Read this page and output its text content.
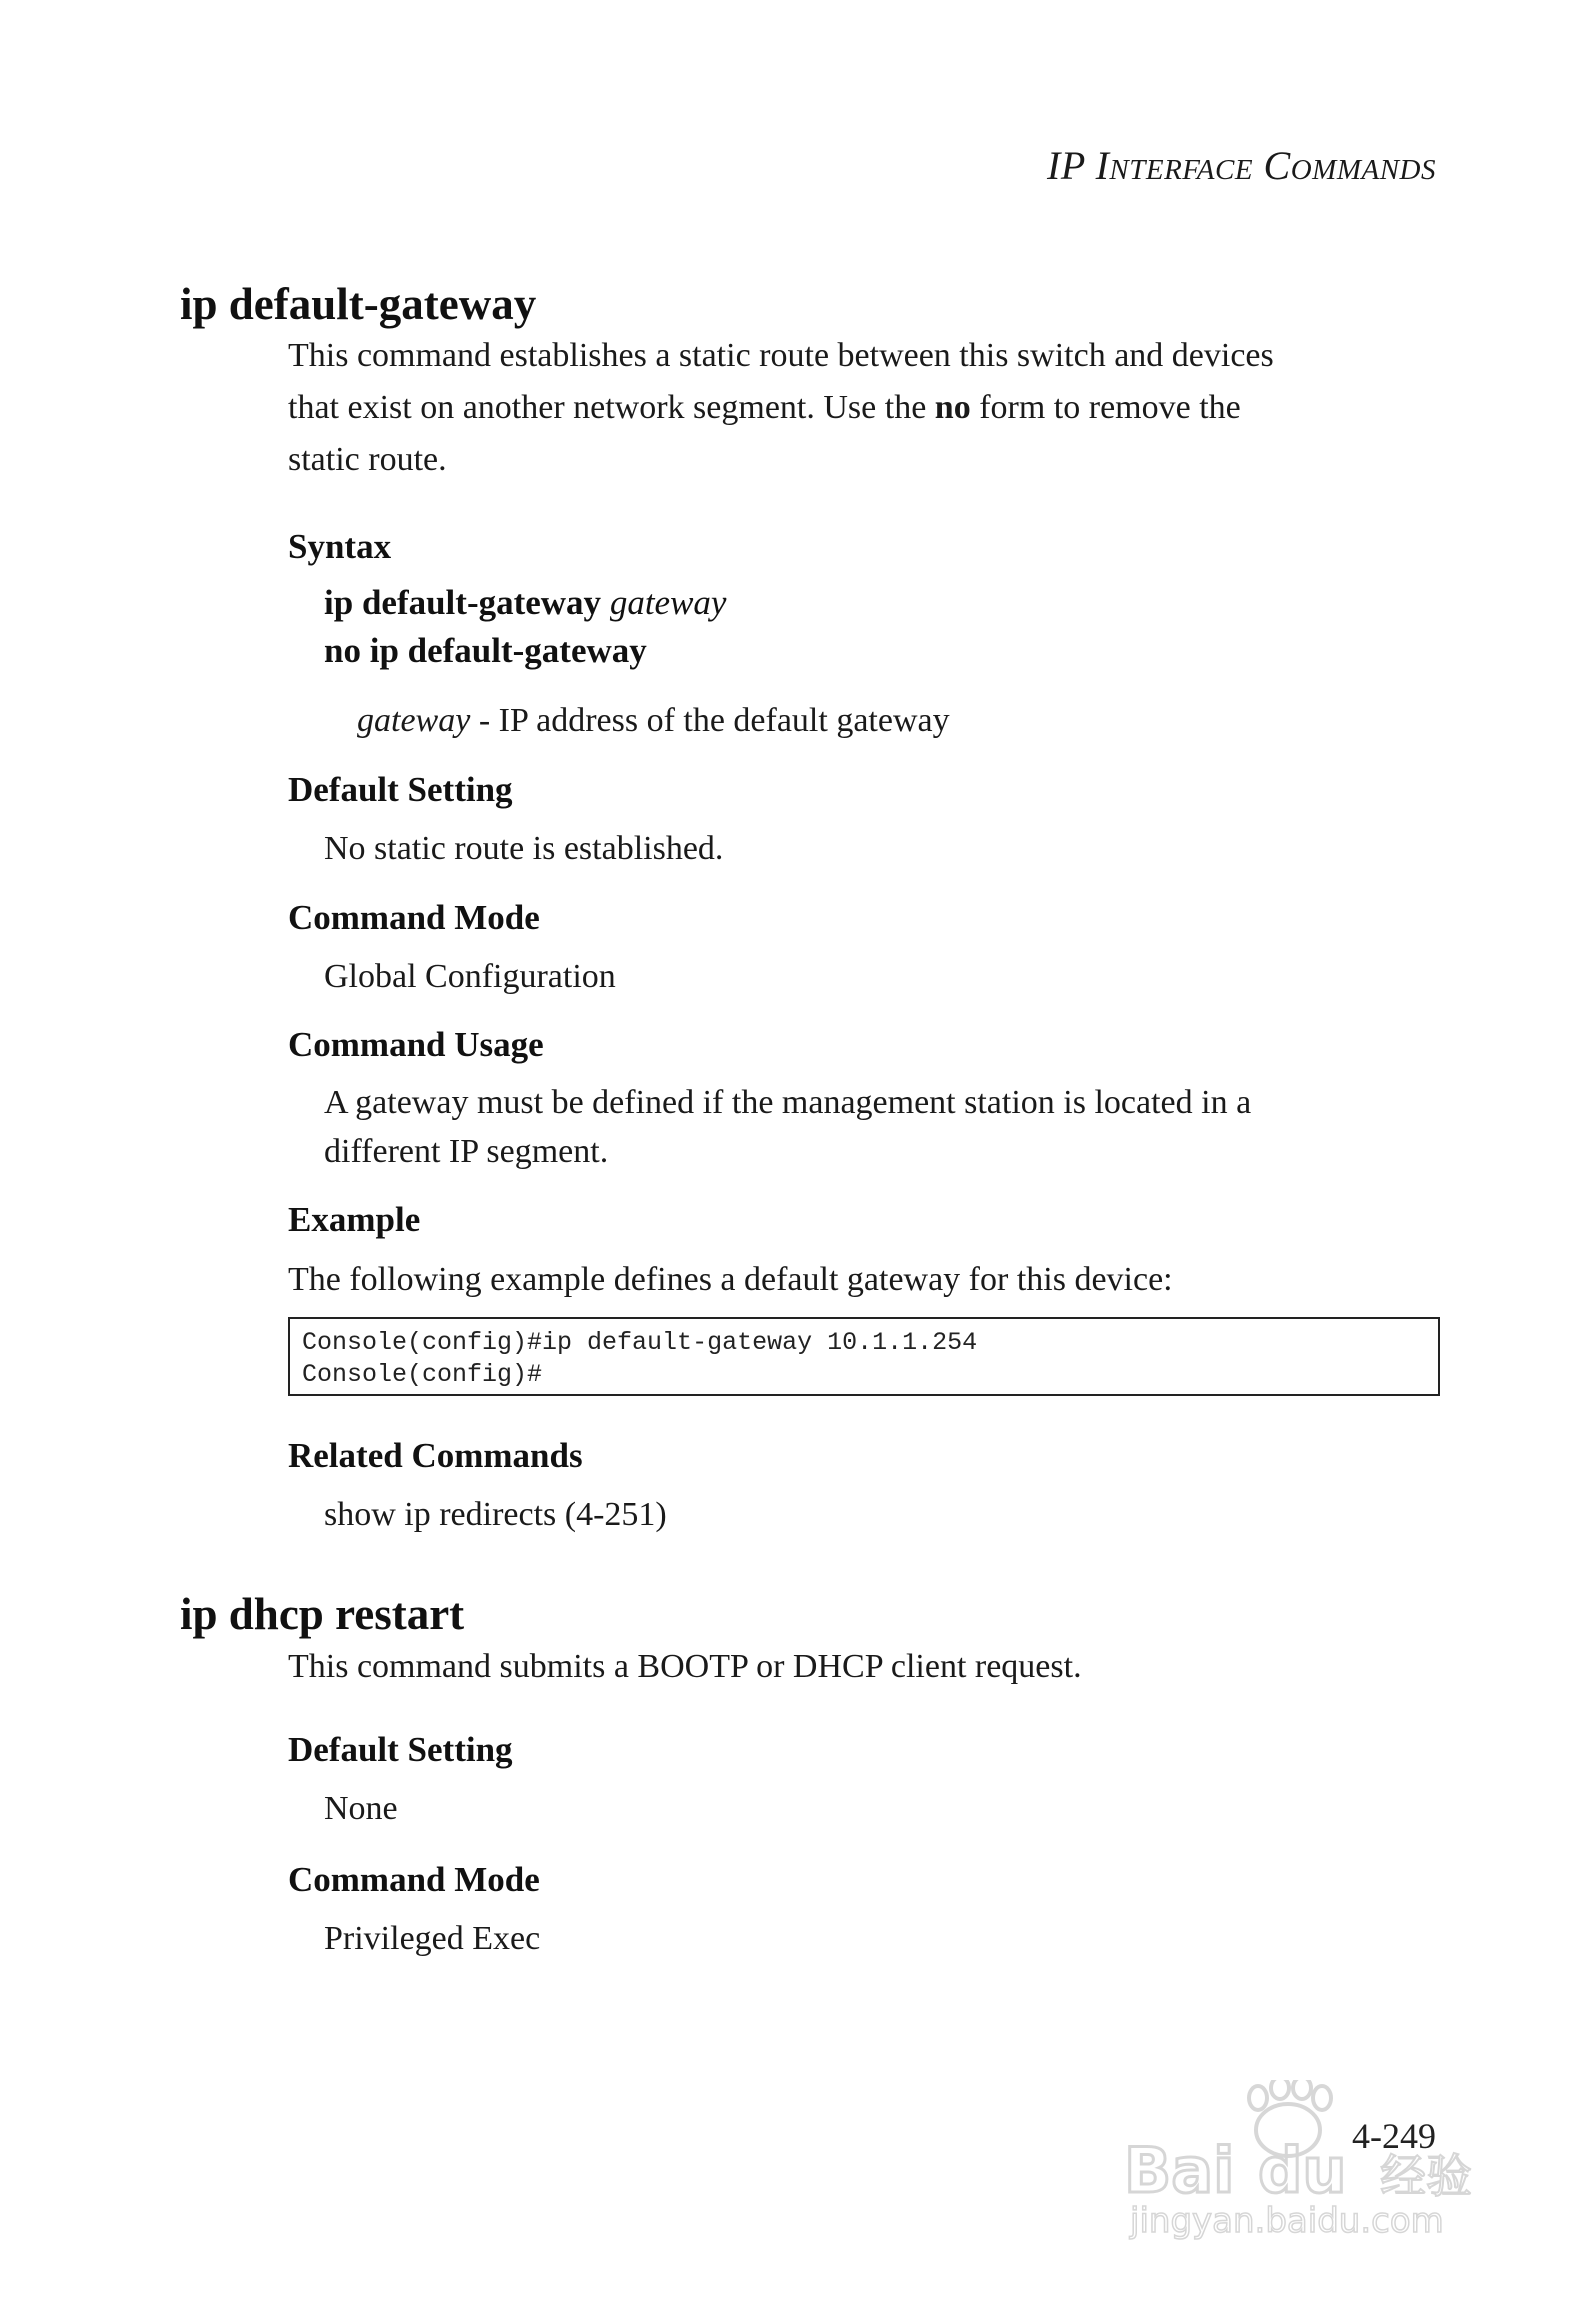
IP INTERFACE COMMANDS
ip default-gateway

This command establishes a static route between this switch and devices
that exist on another network segment. Use the no form to remove the
static route.

Syntax
ip default-gateway gateway
no ip default-gateway

gateway - IP address of the default gateway

Default Setting

No static route is established.

Command Mode

Global Configuration

Command Usage

A gateway must be defined if the management station is located in a
different IP segment.

Example

The following example defines a default gateway for this device:

Console(config)#ip default-gateway 10.1.1.254
Console(config)#
Related Commands

show ip redirects (4-251)

ip dhcp restart

This command submits a BOOTP or DHCP client request.

Default Setting

None

Command Mode

Privileged Exec

4-249
Bai du 经验
jingyan.baidu.com
